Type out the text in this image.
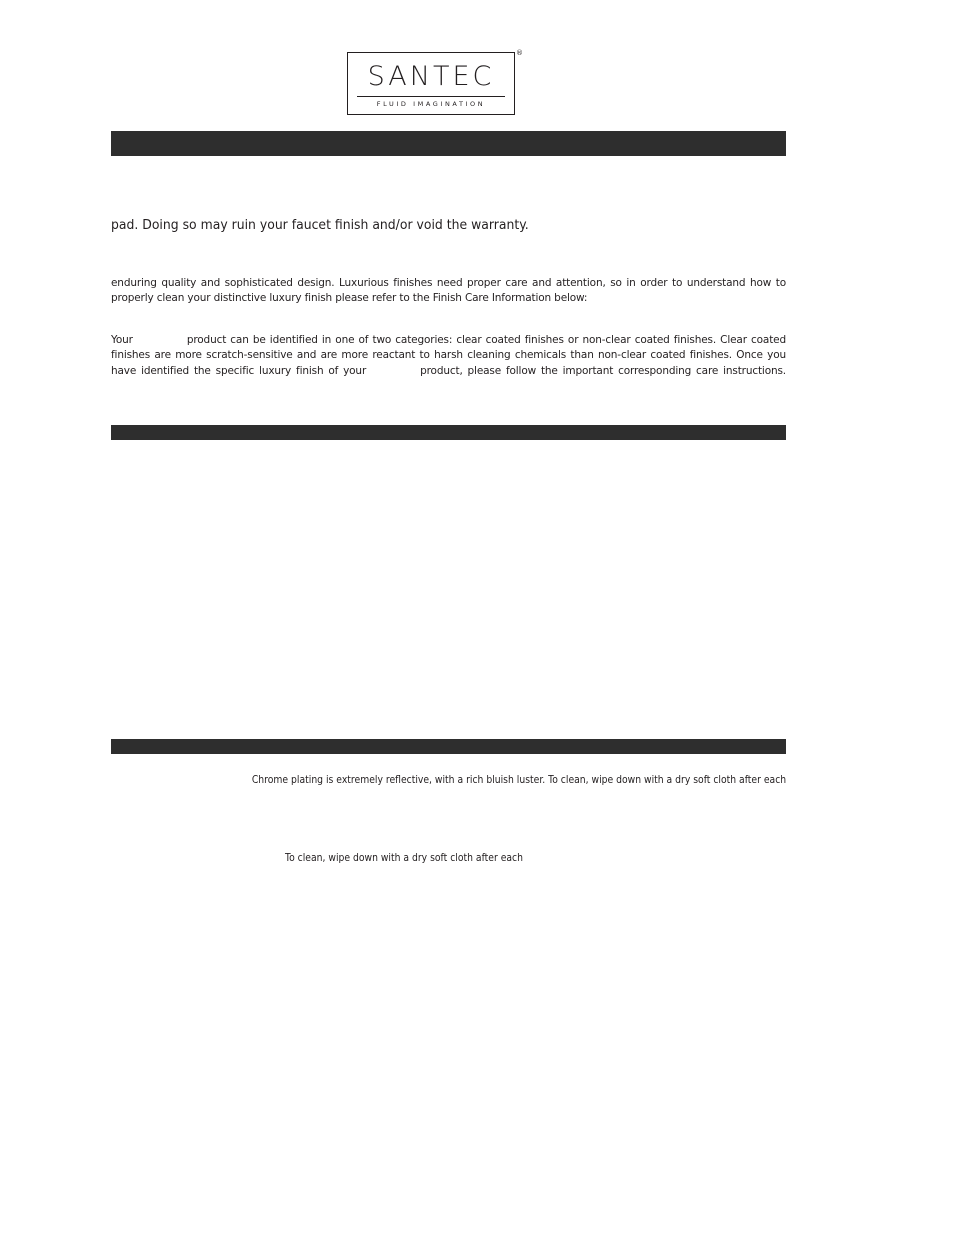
SANTEC
FLUID IMAGINATION
®
pad. Doing so may ruin your faucet finish and/or void the warranty.
enduring quality and sophisticated design. Luxurious finishes need proper care and attention, so in order to understand how to
properly clean your distinctive luxury finish please refer to the Finish Care Information below:
Your	product can be identified in one of two categories: clear coated finishes or non-clear coated finishes. Clear coated
finishes are more scratch-sensitive and are more reactant to harsh cleaning chemicals than non-clear coated finishes. Once you
have identified the specific luxury finish of your	product, please follow the important corresponding care instructions.
Chrome plating is extremely reflective, with a rich bluish luster. To clean, wipe down with a dry soft cloth after each
To clean, wipe down with a dry soft cloth after each
